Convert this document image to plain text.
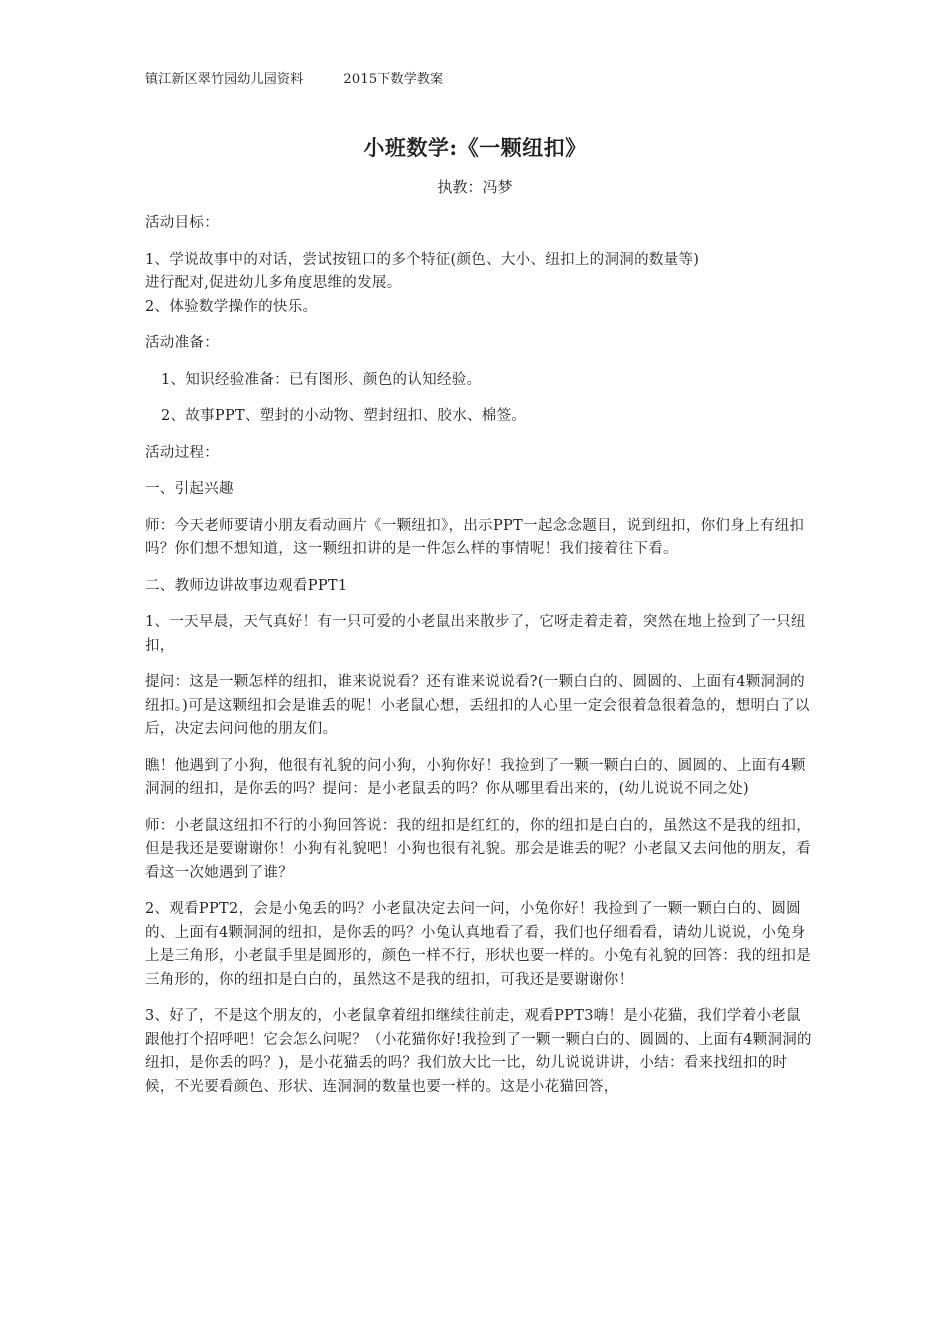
镇江新区翠竹园幼儿园资料	2015下数学教案
小班数学:《一颗纽扣》
执教：冯梦

活动目标：

1、学说故事中的对话，尝试按钮口的多个特征(颜色、大小、纽扣上的洞洞的数量等)

进行配对,促进幼儿多角度思维的发展。

2、体验数学操作的快乐。

活动准备：

1、知识经验准备：已有图形、颜色的认知经验。

2、故事PPT、塑封的小动物、塑封纽扣、胶水、棉签。

活动过程：

一、引起兴趣

师：今天老师要请小朋友看动画片《一颗纽扣》，出示PPT一起念念题目，说到纽扣，你们身上有纽扣吗？你们想不想知道，这一颗纽扣讲的是一件怎么样的事情呢！我们接着往下看。

二、教师边讲故事边观看PPT1

1、一天早晨，天气真好！有一只可爱的小老鼠出来散步了，它呀走着走着，突然在地上捡到了一只纽扣，

提问：这是一颗怎样的纽扣，谁来说说看？还有谁来说说看?(一颗白白的、圆圆的、上面有4颗洞洞的纽扣。)可是这颗纽扣会是谁丢的呢！小老鼠心想，丢纽扣的人心里一定会很着急很着急的，想明白了以后，决定去问问他的朋友们。

瞧！他遇到了小狗，他很有礼貌的问小狗，小狗你好！我捡到了一颗一颗白白的、圆圆的、上面有4颗洞洞的纽扣，是你丢的吗？提问：是小老鼠丢的吗？你从哪里看出来的，(幼儿说说不同之处)

师：小老鼠这纽扣不行的小狗回答说：我的纽扣是红红的，你的纽扣是白白的，虽然这不是我的纽扣，但是我还是要谢谢你！小狗有礼貌吧！小狗也很有礼貌。那会是谁丢的呢？小老鼠又去问他的朋友，看看这一次她遇到了谁？

2、观看PPT2，会是小兔丢的吗？小老鼠决定去问一问，小兔你好！我捡到了一颗一颗白白的、圆圆的、上面有4颗洞洞的纽扣，是你丢的吗？小兔认真地看了看，我们也仔细看看，请幼儿说说，小兔身上是三角形，小老鼠手里是圆形的，颜色一样不行，形状也要一样的。小兔有礼貌的回答：我的纽扣是三角形的，你的纽扣是白白的，虽然这不是我的纽扣，可我还是要谢谢你！

3、好了，不是这个朋友的，小老鼠拿着纽扣继续往前走，观看PPT3嗨！是小花猫，我们学着小老鼠跟他打个招呼吧！它会怎么问呢？（小花猫你好!我捡到了一颗一颗白白的、圆圆的、上面有4颗洞洞的纽扣，是你丢的吗？)，是小花猫丢的吗？我们放大比一比，幼儿说说讲讲，小结：看来找纽扣的时候，不光要看颜色、形状、连洞洞的数量也要一样的。这是小花猫回答，
